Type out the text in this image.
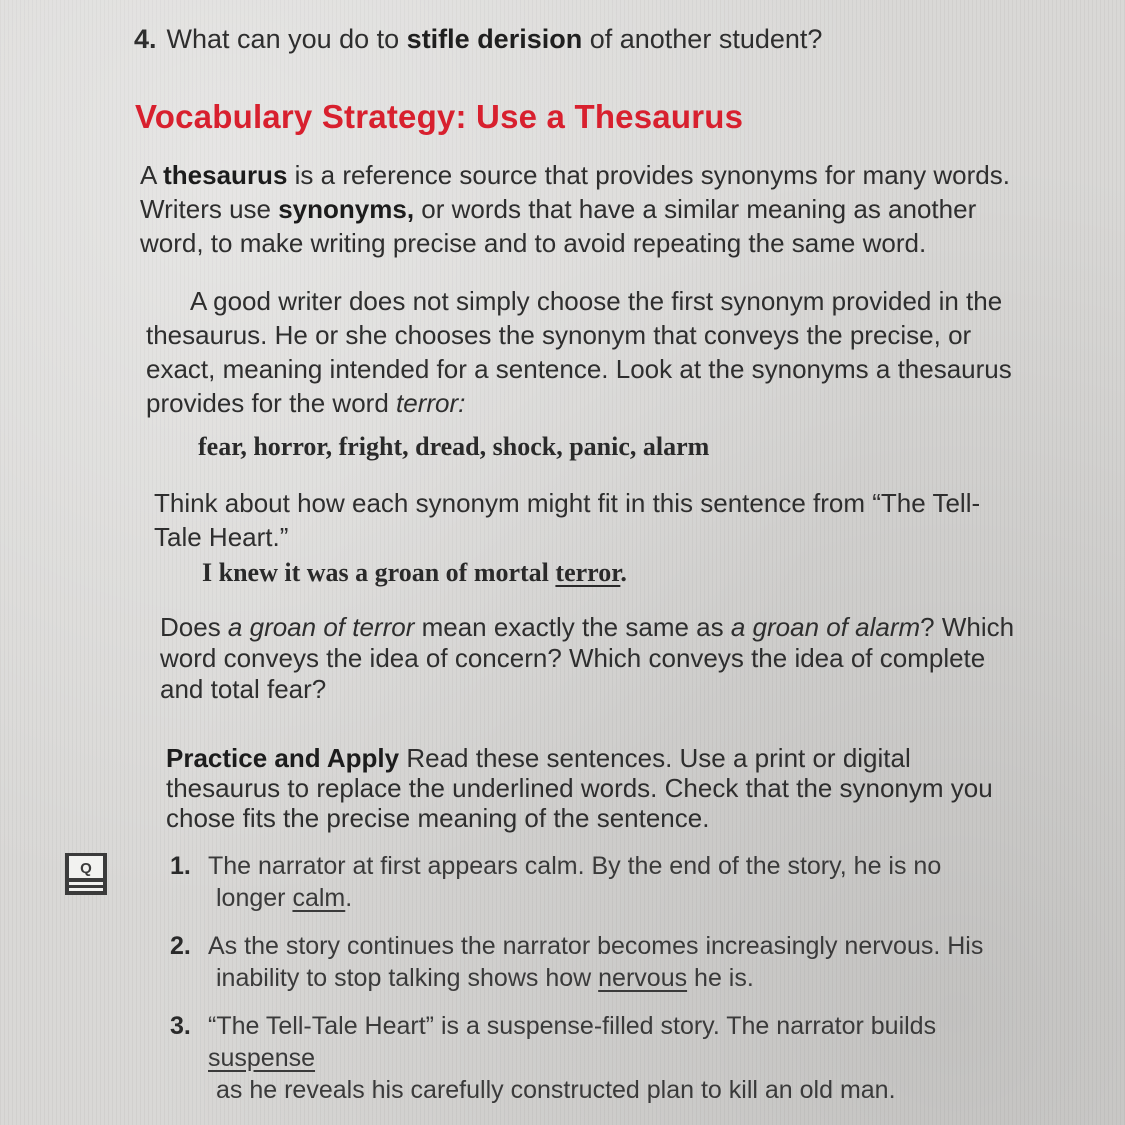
4. What can you do to stifle derision of another student?
Vocabulary Strategy: Use a Thesaurus
A thesaurus is a reference source that provides synonyms for many words. Writers use synonyms, or words that have a similar meaning as another word, to make writing precise and to avoid repeating the same word.
A good writer does not simply choose the first synonym provided in the thesaurus. He or she chooses the synonym that conveys the precise, or exact, meaning intended for a sentence. Look at the synonyms a thesaurus provides for the word terror:
fear, horror, fright, dread, shock, panic, alarm
Think about how each synonym might fit in this sentence from “The Tell-Tale Heart.”
I knew it was a groan of mortal terror.
Does a groan of terror mean exactly the same as a groan of alarm? Which word conveys the idea of concern? Which conveys the idea of complete and total fear?
Practice and Apply Read these sentences. Use a print or digital thesaurus to replace the underlined words. Check that the synonym you chose fits the precise meaning of the sentence.
Q	1. The narrator at first appears calm. By the end of the story, he is no
longer calm.
2. As the story continues the narrator becomes increasingly nervous. His
inability to stop talking shows how nervous he is.
3. “The Tell-Tale Heart” is a suspense-filled story. The narrator builds suspense
as he reveals his carefully constructed plan to kill an old man.
